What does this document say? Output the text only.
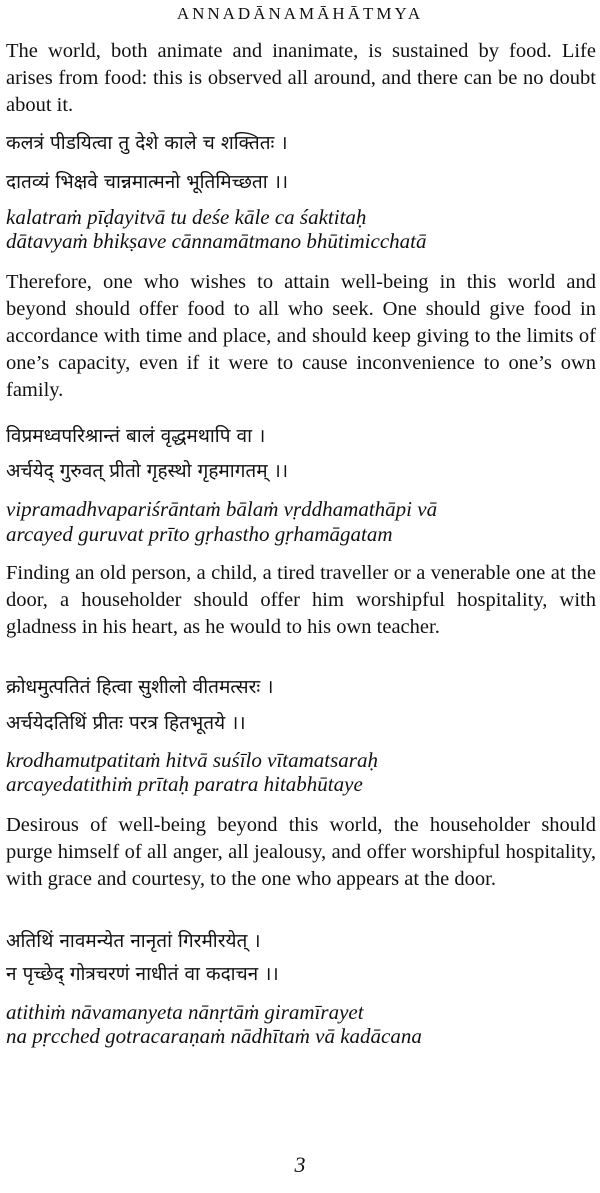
ANNADĀNAMĀHĀTMYA

The world, both animate and inanimate, is sustained by food. Life arises from food: this is observed all around, and there can be no doubt about it.

कलत्रं पीडयित्वा तु देशे काले च शक्तितः ।
दातव्यं भिक्षवे चान्नमात्मनो भूतिमिच्छता ।।
kalatraṁ pīḍayitvā tu deśe kāle ca śaktitaḥ
dātavyaṁ bhikṣave cānnamātmano bhūtimicchatā

Therefore, one who wishes to attain well-being in this world and beyond should offer food to all who seek. One should give food in accordance with time and place, and should keep giving to the limits of one’s capacity, even if it were to cause inconvenience to one’s own family.

विप्रमध्वपरिश्रान्तं बालं वृद्धमथापि वा ।
अर्चयेद् गुरुवत् प्रीतो गृहस्थो गृहमागतम् ।।
vipramadhvapariśrāntaṁ bālaṁ vṛddhamathāpi vā
arcayed guruvat prīto gṛhastho gṛhamāgatam

Finding an old person, a child, a tired traveller or a venerable one at the door, a householder should offer him worshipful hospitality, with gladness in his heart, as he would to his own teacher.

क्रोधमुत्पतितं हित्वा सुशीलो वीतमत्सरः ।
अर्चयेदतिथिं प्रीतः परत्र हितभूतये ।।
krodhamutpatitaṁ hitvā suśīlo vītamatsaraḥ
arcayedatithiṁ prītaḥ paratra hitabhūtaye

Desirous of well-being beyond this world, the householder should purge himself of all anger, all jealousy, and offer worshipful hospitality, with grace and courtesy, to the one who appears at the door.

अतिथिं नावमन्येत नानृतां गिरमीरयेत् ।
न पृच्छेद् गोत्रचरणं नाधीतं वा कदाचन ।।
atithiṁ nāvamanyeta nānṛtāṁ giramīrayet
na pṛcched gotracaraṇaṁ nādhītaṁ vā kadācana
3
